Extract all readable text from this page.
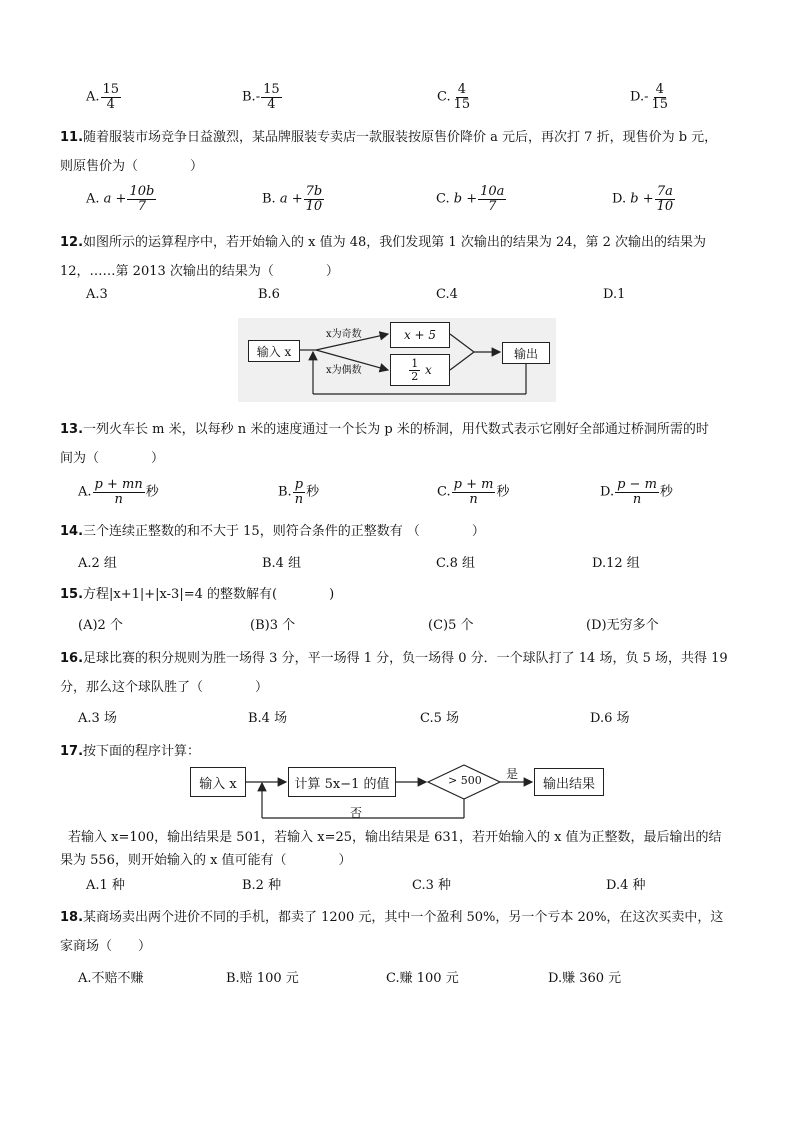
A. $\frac{15}{4}$	$B.- \frac{15}{4}$	C. $\frac{4}{15}$	$D.- \frac{4}{15}$
11.随着服装市场竞争日益激烈，某品牌服装专卖店一款服装按原售价降价 a 元后，再次打 7 折，现售价为 b 元，
则原售价为（　　　　）
A. $a + \frac{10b}{7}$	B. $a + \frac{7b}{10}$	C. $b + \frac{10a}{7}$	D. $b + \frac{7a}{10}$
12.如图所示的运算程序中，若开始输入的 x 值为 48，我们发现第 1 次输出的结果为 24，第 2 次输出的结果为
12，……第 2013 次输出的结果为（　　　　）
A.3	B.6	C.4	D.1
输入 x
x为奇数
x为偶数
x + 5
$\frac{1}{2}$
x
输出
13.一列火车长 m 米，以每秒 n 米的速度通过一个长为 p 米的桥洞，用代数式表示它刚好全部通过桥洞所需的时
间为（　　　　）
A. $\frac{p + mn}{n}$ 秒	B. $\frac{p}{n}$ 秒	C. $\frac{p + m}{n}$ 秒	D. $\frac{p - m}{n}$ 秒
14.三个连续正整数的和不大于 15，则符合条件的正整数有 （　　　　）
A.2 组	B.4 组	C.8 组	D.12 组
15.方程|x+1|+|x-3|=4 的整数解有(　　　　)
(A)2 个	(B)3 个	(C)5 个	(D)无穷多个
16.足球比赛的积分规则为胜一场得 3 分，平一场得 1 分，负一场得 0 分．一个球队打了 14 场，负 5 场，共得 19
分，那么这个球队胜了（　　　　）
A.3 场	B.4 场	C.5 场	D.6 场
17.按下面的程序计算：
输入 x	计算 5x−1 的值	> 500 是
否
输出结果
若输入 x=100，输出结果是 501，若输入 x=25，输出结果是 631，若开始输入的 x 值为正整数，最后输出的结
果为 556，则开始输入的 x 值可能有（　　　　）
A.1 种	B.2 种	C.3 种	D.4 种
18.某商场卖出两个进价不同的手机，都卖了 1200 元，其中一个盈利 50%，另一个亏本 20%，在这次买卖中，这
家商场（　　）
A.不赔不赚	B.赔 100 元	C.赚 100 元	D.赚 360 元
